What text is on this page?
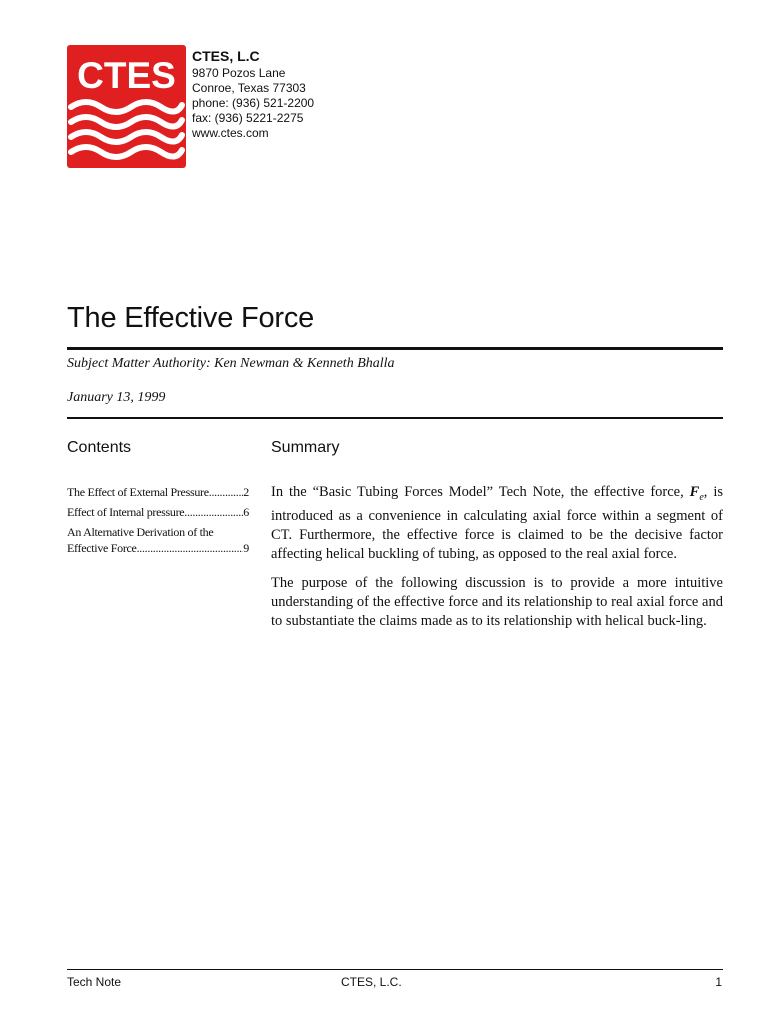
CTES CTES, L.C
9870 Pozos Lane
Conroe, Texas 77303
phone: (936) 521-2200
fax: (936) 5221-2275
www.ctes.com
The Effective Force
Subject Matter Authority: Ken Newman & Kenneth Bhalla
January 13, 1999
Contents	Summary
The Effect of External Pressure .....	2
Effect of Internal pressure .....	6
An Alternative Derivation of the
Effective Force .....	9

In the “Basic Tubing Forces Model” Tech Note, the effective force, $F_e$, is introduced as a convenience in calculating axial force within a segment of CT. Furthermore, the effective force is claimed to be the decisive factor affecting helical buckling of tubing, as opposed to the real axial force.

The purpose of the following discussion is to provide a more intuitive understanding of the effective force and its relationship to real axial force and to substantiate the claims made as to its relationship with helical buck-ling.

Tech Note	CTES, L.C.	1
